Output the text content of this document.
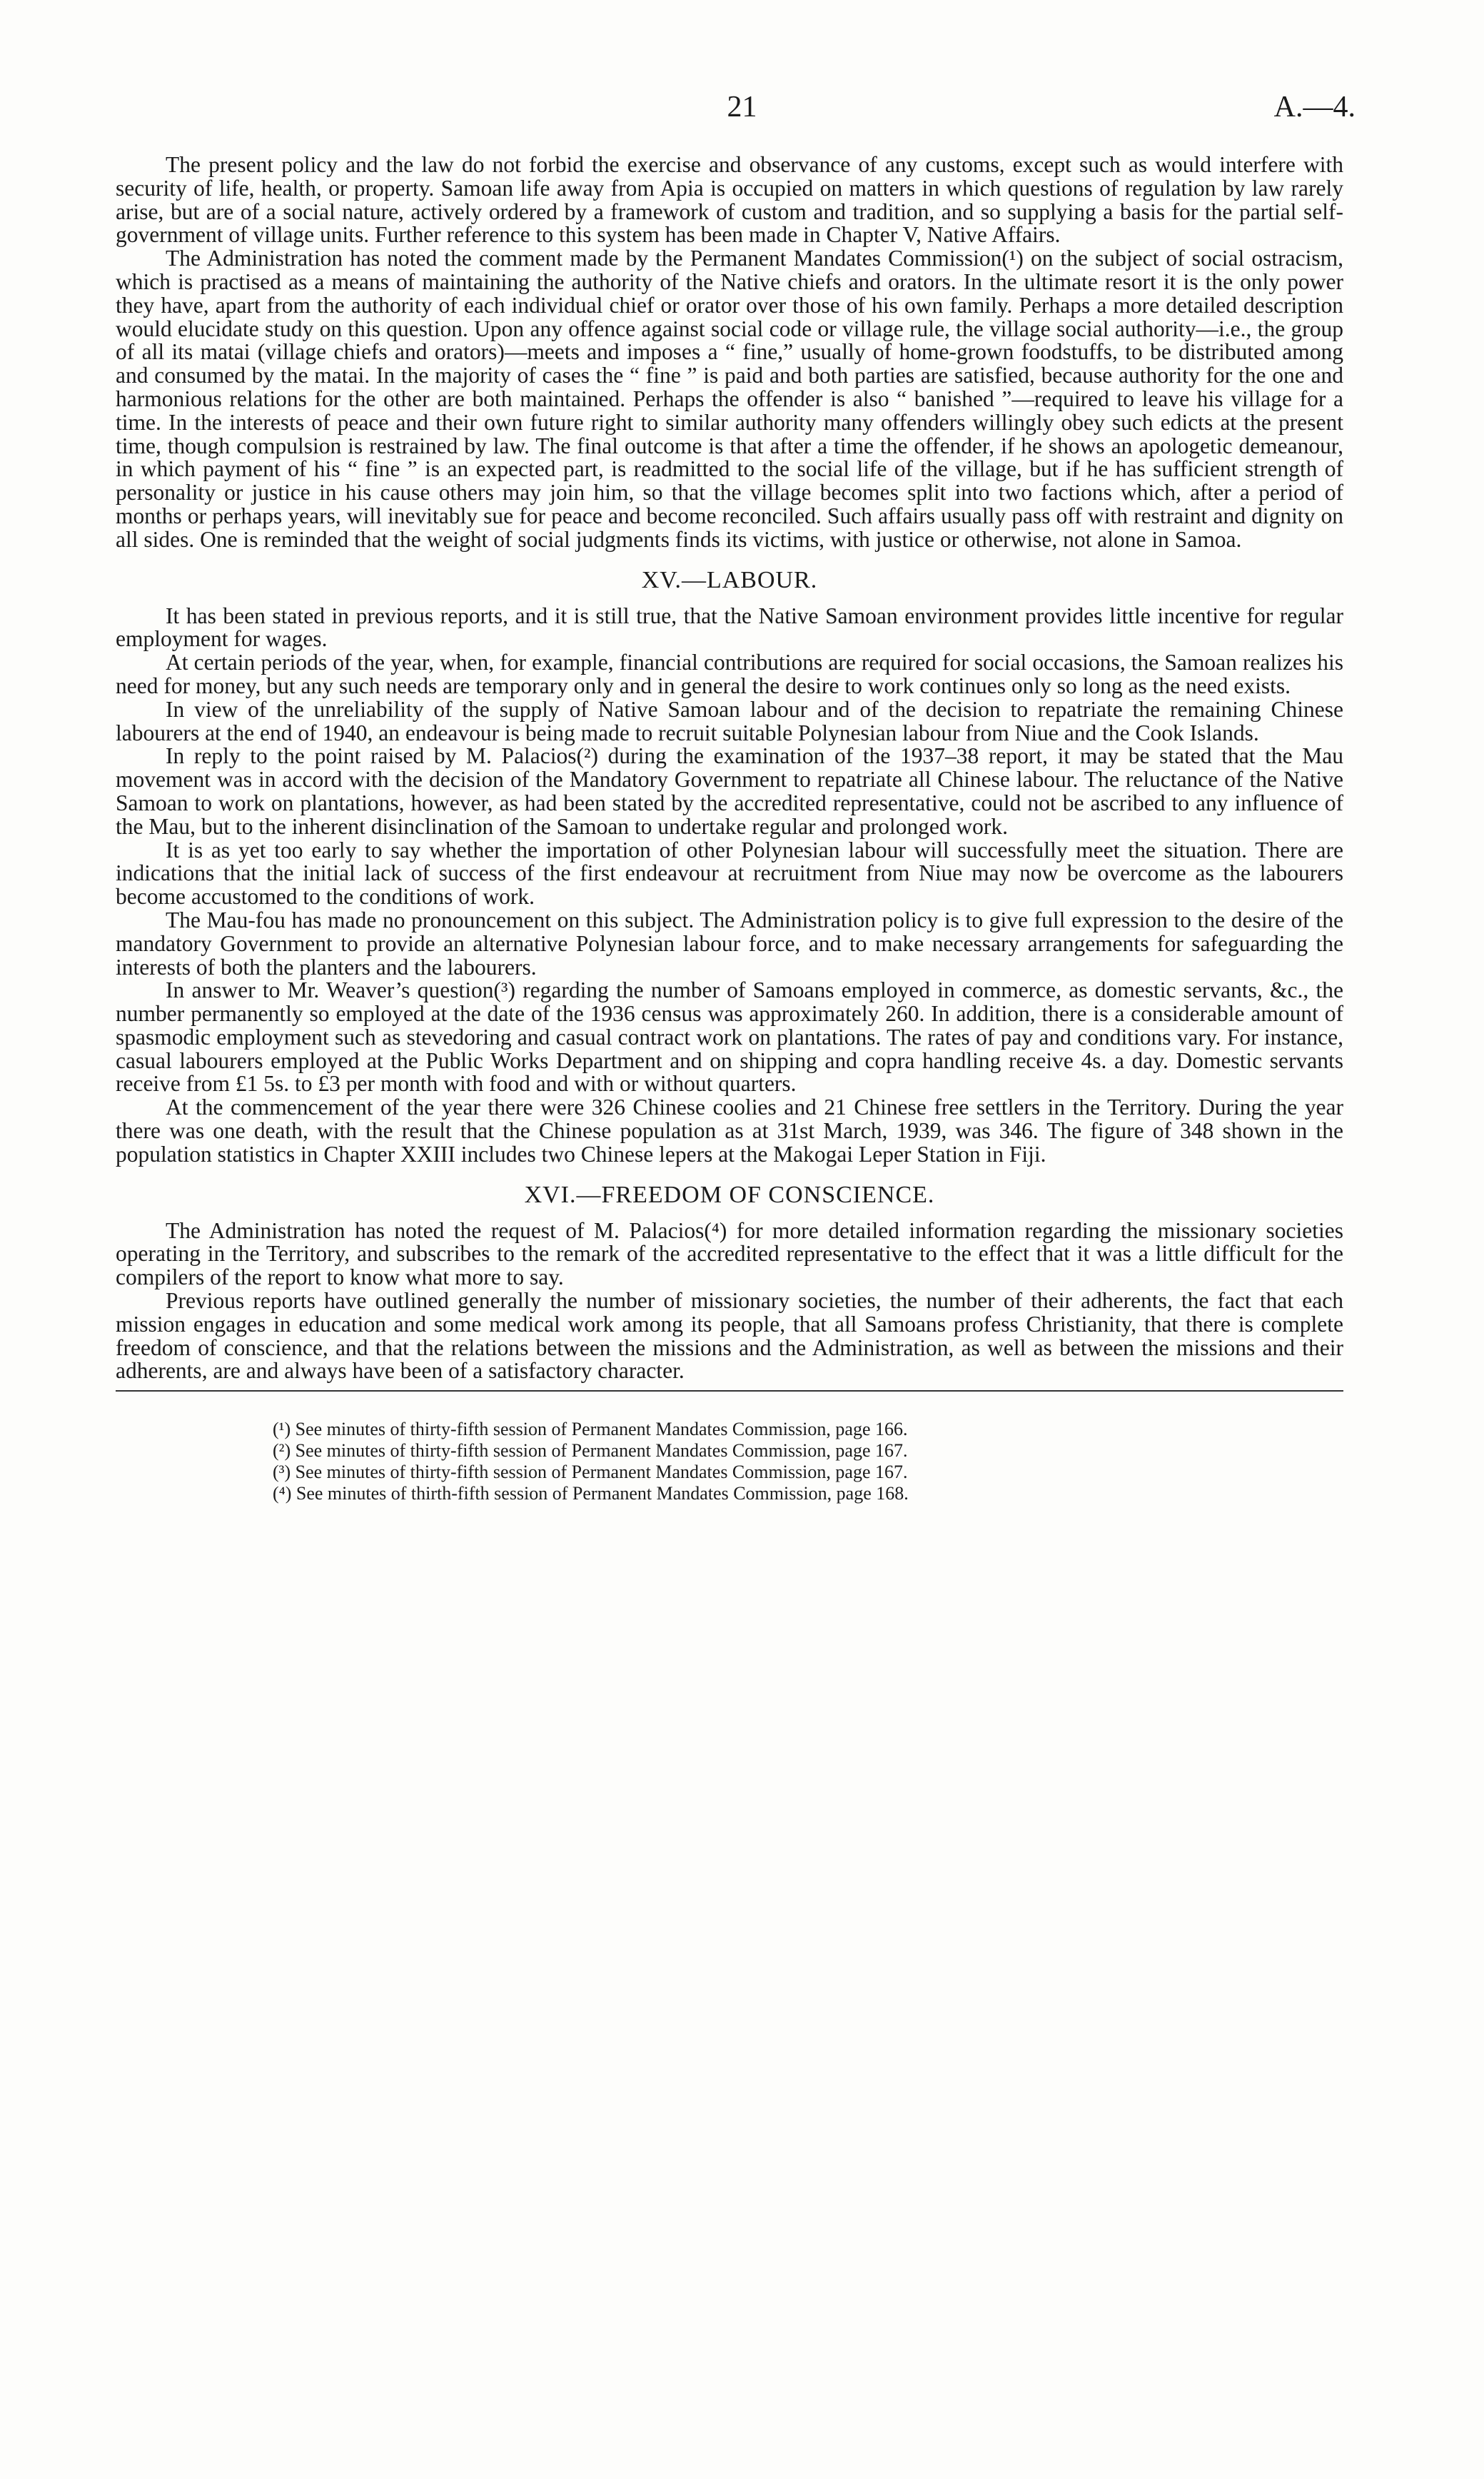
21	A.—4.

The present policy and the law do not forbid the exercise and observance of any customs, except such as would interfere with security of life, health, or property. Samoan life away from Apia is occupied on matters in which questions of regulation by law rarely arise, but are of a social nature, actively ordered by a framework of custom and tradition, and so supplying a basis for the partial self-government of village units. Further reference to this system has been made in Chapter V, Native Affairs.

The Administration has noted the comment made by the Permanent Mandates Commission(¹) on the subject of social ostracism, which is practised as a means of maintaining the authority of the Native chiefs and orators. In the ultimate resort it is the only power they have, apart from the authority of each individual chief or orator over those of his own family. Perhaps a more detailed description would elucidate study on this question. Upon any offence against social code or village rule, the village social authority—i.e., the group of all its matai (village chiefs and orators)—meets and imposes a “ fine,” usually of home-grown foodstuffs, to be distributed among and consumed by the matai. In the majority of cases the “ fine ” is paid and both parties are satisfied, because authority for the one and harmonious relations for the other are both maintained. Perhaps the offender is also “ banished ”—required to leave his village for a time. In the interests of peace and their own future right to similar authority many offenders willingly obey such edicts at the present time, though compulsion is restrained by law. The final outcome is that after a time the offender, if he shows an apologetic demeanour, in which payment of his “ fine ” is an expected part, is readmitted to the social life of the village, but if he has sufficient strength of personality or justice in his cause others may join him, so that the village becomes split into two factions which, after a period of months or perhaps years, will inevitably sue for peace and become reconciled. Such affairs usually pass off with restraint and dignity on all sides. One is reminded that the weight of social judgments finds its victims, with justice or otherwise, not alone in Samoa.

XV.—LABOUR.

It has been stated in previous reports, and it is still true, that the Native Samoan environment provides little incentive for regular employment for wages.

At certain periods of the year, when, for example, financial contributions are required for social occasions, the Samoan realizes his need for money, but any such needs are temporary only and in general the desire to work continues only so long as the need exists.

In view of the unreliability of the supply of Native Samoan labour and of the decision to repatriate the remaining Chinese labourers at the end of 1940, an endeavour is being made to recruit suitable Polynesian labour from Niue and the Cook Islands.

In reply to the point raised by M. Palacios(²) during the examination of the 1937–38 report, it may be stated that the Mau movement was in accord with the decision of the Mandatory Government to repatriate all Chinese labour. The reluctance of the Native Samoan to work on plantations, however, as had been stated by the accredited representative, could not be ascribed to any influence of the Mau, but to the inherent disinclination of the Samoan to undertake regular and prolonged work.

It is as yet too early to say whether the importation of other Polynesian labour will successfully meet the situation. There are indications that the initial lack of success of the first endeavour at recruitment from Niue may now be overcome as the labourers become accustomed to the conditions of work.

The Mau-fou has made no pronouncement on this subject. The Administration policy is to give full expression to the desire of the mandatory Government to provide an alternative Polynesian labour force, and to make necessary arrangements for safeguarding the interests of both the planters and the labourers.

In answer to Mr. Weaver’s question(³) regarding the number of Samoans employed in commerce, as domestic servants, &c., the number permanently so employed at the date of the 1936 census was approximately 260. In addition, there is a considerable amount of spasmodic employment such as stevedoring and casual contract work on plantations. The rates of pay and conditions vary. For instance, casual labourers employed at the Public Works Department and on shipping and copra handling receive 4s. a day. Domestic servants receive from £1 5s. to £3 per month with food and with or without quarters.

At the commencement of the year there were 326 Chinese coolies and 21 Chinese free settlers in the Territory. During the year there was one death, with the result that the Chinese population as at 31st March, 1939, was 346. The figure of 348 shown in the population statistics in Chapter XXIII includes two Chinese lepers at the Makogai Leper Station in Fiji.

XVI.—FREEDOM OF CONSCIENCE.

The Administration has noted the request of M. Palacios(⁴) for more detailed information regarding the missionary societies operating in the Territory, and subscribes to the remark of the accredited representative to the effect that it was a little difficult for the compilers of the report to know what more to say.

Previous reports have outlined generally the number of missionary societies, the number of their adherents, the fact that each mission engages in education and some medical work among its people, that all Samoans profess Christianity, that there is complete freedom of conscience, and that the relations between the missions and the Administration, as well as between the missions and their adherents, are and always have been of a satisfactory character.

(¹) See minutes of thirty-fifth session of Permanent Mandates Commission, page 166.
(²) See minutes of thirty-fifth session of Permanent Mandates Commission, page 167.
(³) See minutes of thirty-fifth session of Permanent Mandates Commission, page 167.
(⁴) See minutes of thirth-fifth session of Permanent Mandates Commission, page 168.
